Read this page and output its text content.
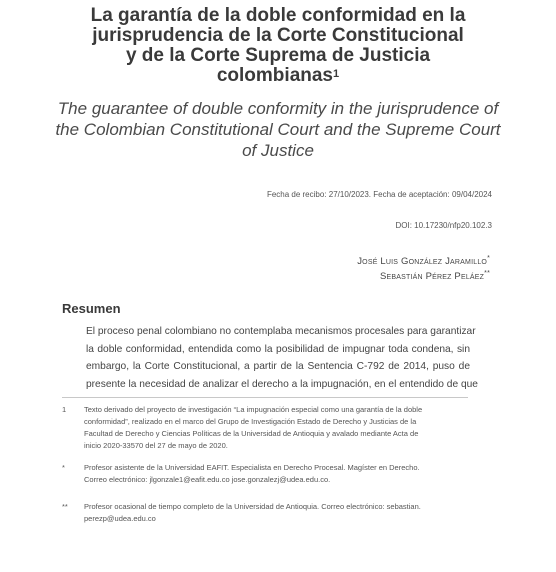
La garantía de la doble conformidad en la
jurisprudencia de la Corte Constitucional
y de la Corte Suprema de Justicia
colombianas$^1$
The guarantee of double conformity in the jurisprudence of
the Colombian Constitutional Court and the Supreme Court
of Justice
Fecha de recibo: 27/10/2023. Fecha de aceptación: 09/04/2024
DOI: 10.17230/nfp20.102.3
José Luis González Jaramillo*
Sebastián Pérez Peláez**
Resumen
El proceso penal colombiano no contemplaba mecanismos procesales para garantizar
la doble conformidad, entendida como la posibilidad de impugnar toda condena, sin
embargo, la Corte Constitucional, a partir de la Sentencia C-792 de 2014, puso de
presente la necesidad de analizar el derecho a la impugnación, en el entendido de que
1 Texto derivado del proyecto de investigación “La impugnación especial como una garantía de la doble
conformidad”, realizado en el marco del Grupo de Investigación Estado de Derecho y Justicias de la
Facultad de Derecho y Ciencias Políticas de la Universidad de Antioquia y avalado mediante Acta de
inicio 2020-33570 del 27 de mayo de 2020.
*	Profesor asistente de la Universidad EAFIT. Especialista en Derecho Procesal. Magíster en Derecho.
Correo electrónico: jlgonzale1@eafit.edu.co jose.gonzalezj@udea.edu.co.
** Profesor ocasional de tiempo completo de la Universidad de Antioquia. Correo electrónico: sebastian.
perezp@udea.edu.co
